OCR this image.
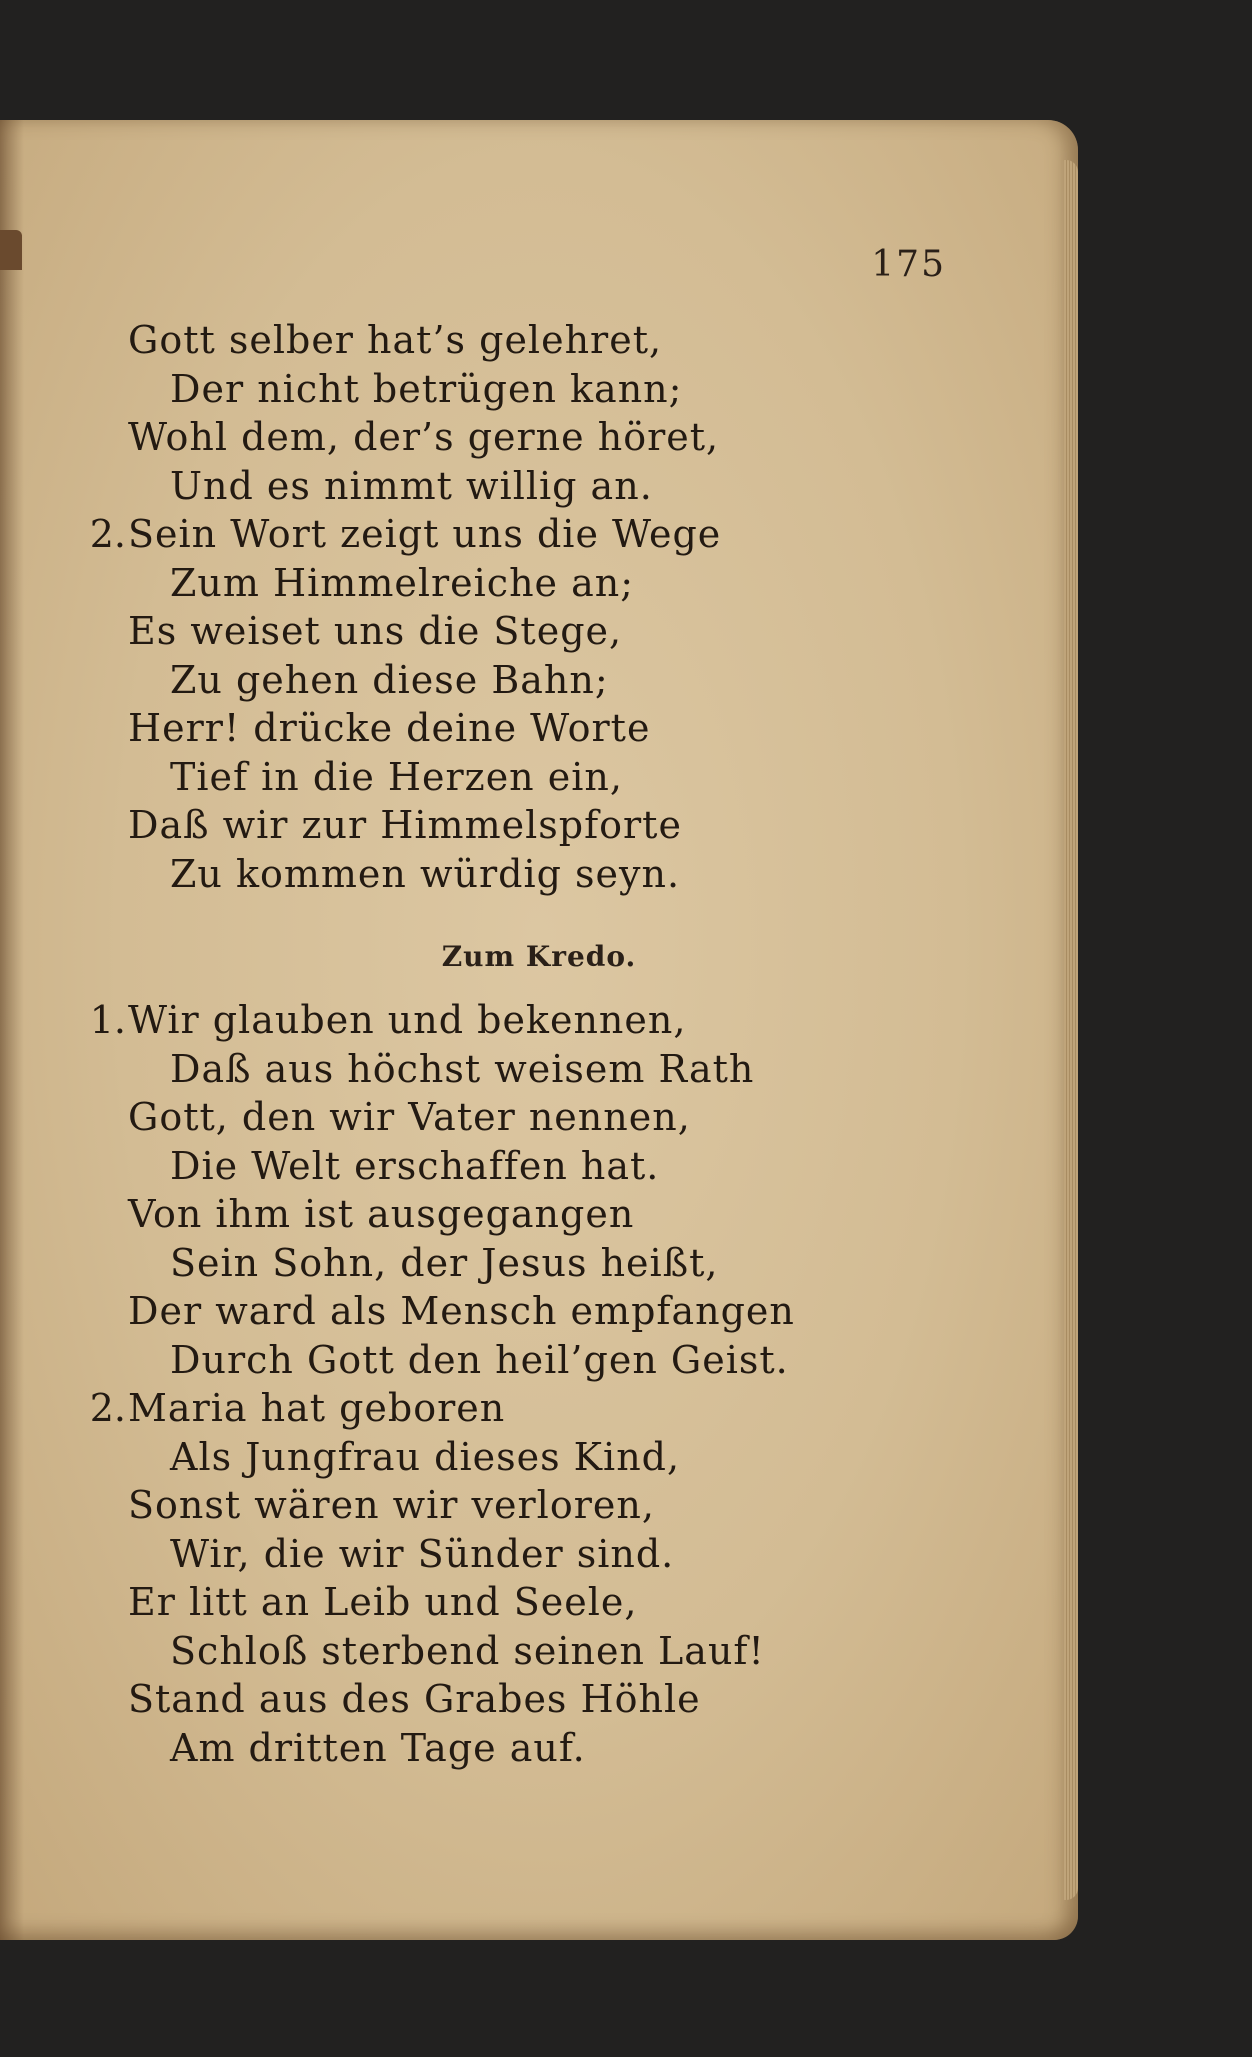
175
Zum Kredo.
Gott selber hat’s gelehret,
Der nicht betrügen kann;
Wohl dem, der’s gerne höret,
Und es nimmt willig an.
2. Sein Wort zeigt uns die Wege
Zum Himmelreiche an;
Es weiset uns die Stege,
Zu gehen diese Bahn;
Herr! drücke deine Worte
Tief in die Herzen ein,
Daß wir zur Himmelspforte
Zu kommen würdig seyn.
1. Wir glauben und bekennen,
Daß aus höchst weisem Rath
Gott, den wir Vater nennen,
Die Welt erschaffen hat.
Von ihm ist ausgegangen
Sein Sohn, der Jesus heißt,
Der ward als Mensch empfangen
Durch Gott den heil’gen Geist.
2. Maria hat geboren
Als Jungfrau dieses Kind,
Sonst wären wir verloren,
Wir, die wir Sünder sind.
Er litt an Leib und Seele,
Schloß sterbend seinen Lauf!
Stand aus des Grabes Höhle
Am dritten Tage auf.
